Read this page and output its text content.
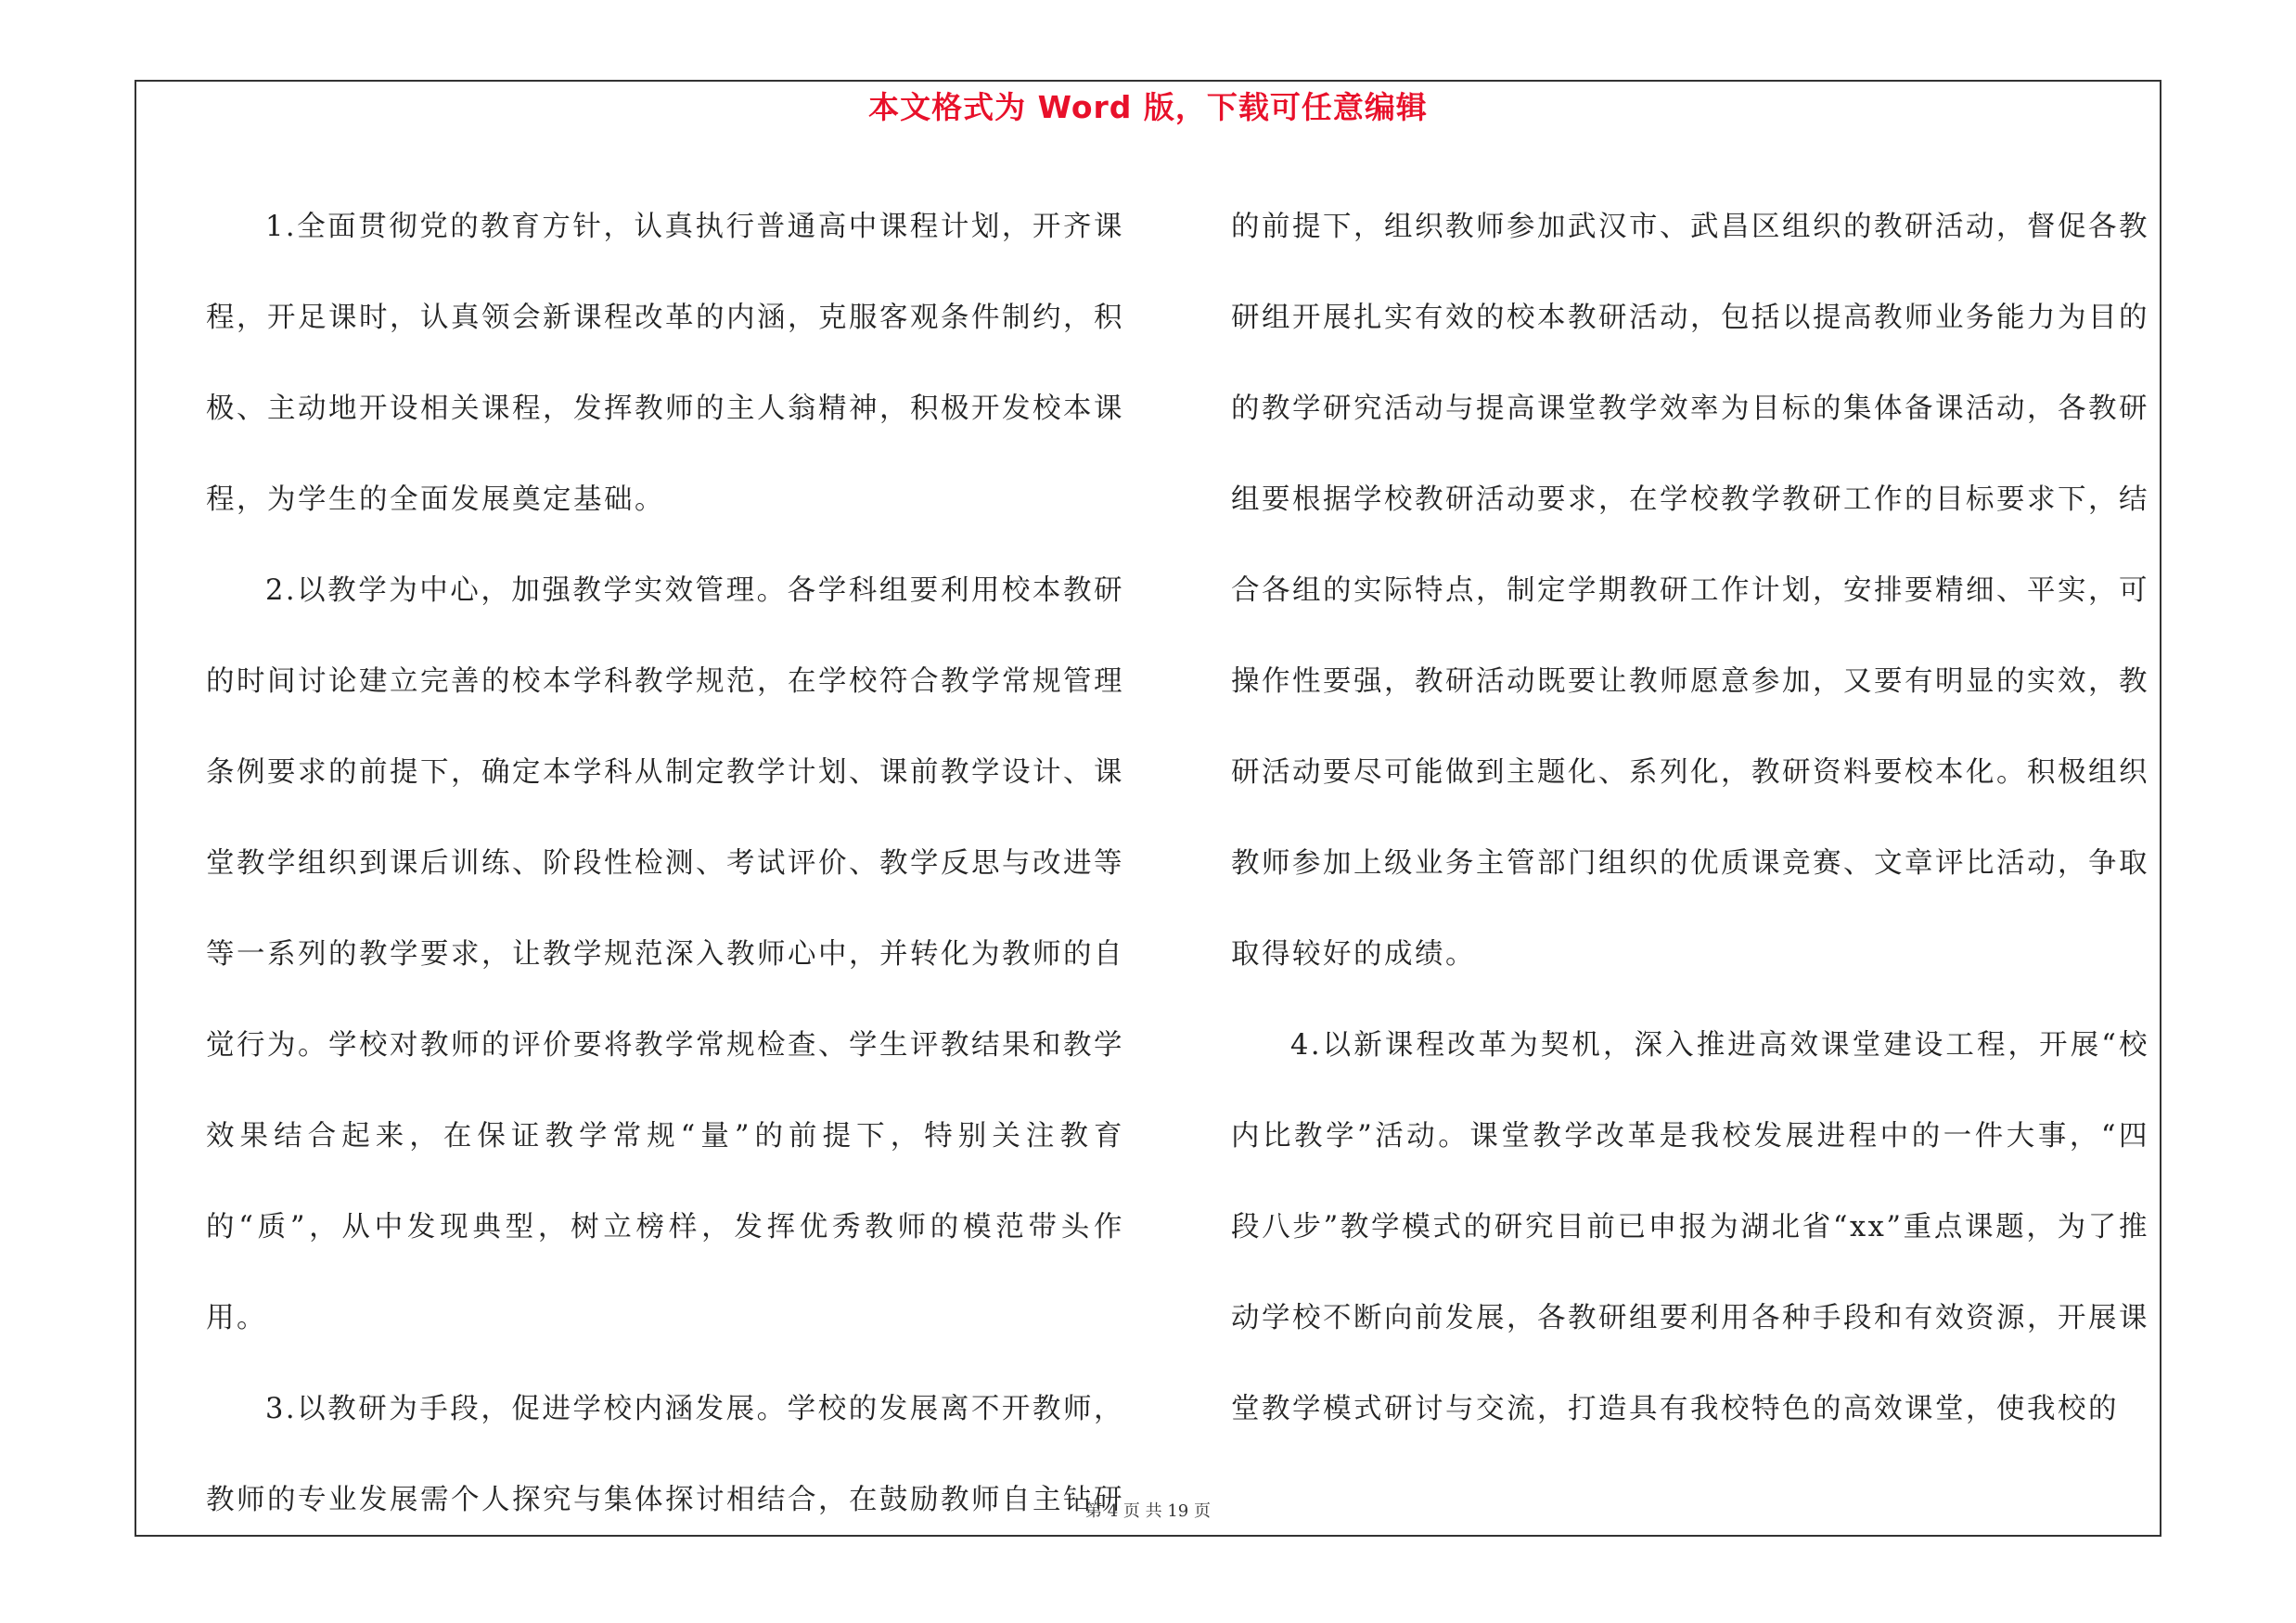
本文格式为 Word 版，下载可任意编辑

1.全面贯彻党的教育方针，认真执行普通高中课程计划，开齐课程，开足课时，认真领会新课程改革的内涵，克服客观条件制约，积极、主动地开设相关课程，发挥教师的主人翁精神，积极开发校本课程，为学生的全面发展奠定基础。

2.以教学为中心，加强教学实效管理。各学科组要利用校本教研的时间讨论建立完善的校本学科教学规范，在学校符合教学常规管理条例要求的前提下，确定本学科从制定教学计划、课前教学设计、课堂教学组织到课后训练、阶段性检测、考试评价、教学反思与改进等等一系列的教学要求，让教学规范深入教师心中，并转化为教师的自觉行为。学校对教师的评价要将教学常规检查、学生评教结果和教学效果结合起来，在保证教学常规“量”的前提下，特别关注教育的“质”，从中发现典型，树立榜样，发挥优秀教师的模范带头作用。

3.以教研为手段，促进学校内涵发展。学校的发展离不开教师，教师的专业发展需个人探究与集体探讨相结合，在鼓励教师自主钻研

的前提下，组织教师参加武汉市、武昌区组织的教研活动，督促各教研组开展扎实有效的校本教研活动，包括以提高教师业务能力为目的的教学研究活动与提高课堂教学效率为目标的集体备课活动，各教研组要根据学校教研活动要求，在学校教学教研工作的目标要求下，结合各组的实际特点，制定学期教研工作计划，安排要精细、平实，可操作性要强，教研活动既要让教师愿意参加，又要有明显的实效，教研活动要尽可能做到主题化、系列化，教研资料要校本化。积极组织教师参加上级业务主管部门组织的优质课竞赛、文章评比活动，争取取得较好的成绩。

4.以新课程改革为契机，深入推进高效课堂建设工程，开展“校内比教学”活动。课堂教学改革是我校发展进程中的一件大事，“四段八步”教学模式的研究目前已申报为湖北省“xx”重点课题，为了推动学校不断向前发展，各教研组要利用各种手段和有效资源，开展课堂教学模式研讨与交流，打造具有我校特色的高效课堂，使我校的

第 4 页 共 19 页
